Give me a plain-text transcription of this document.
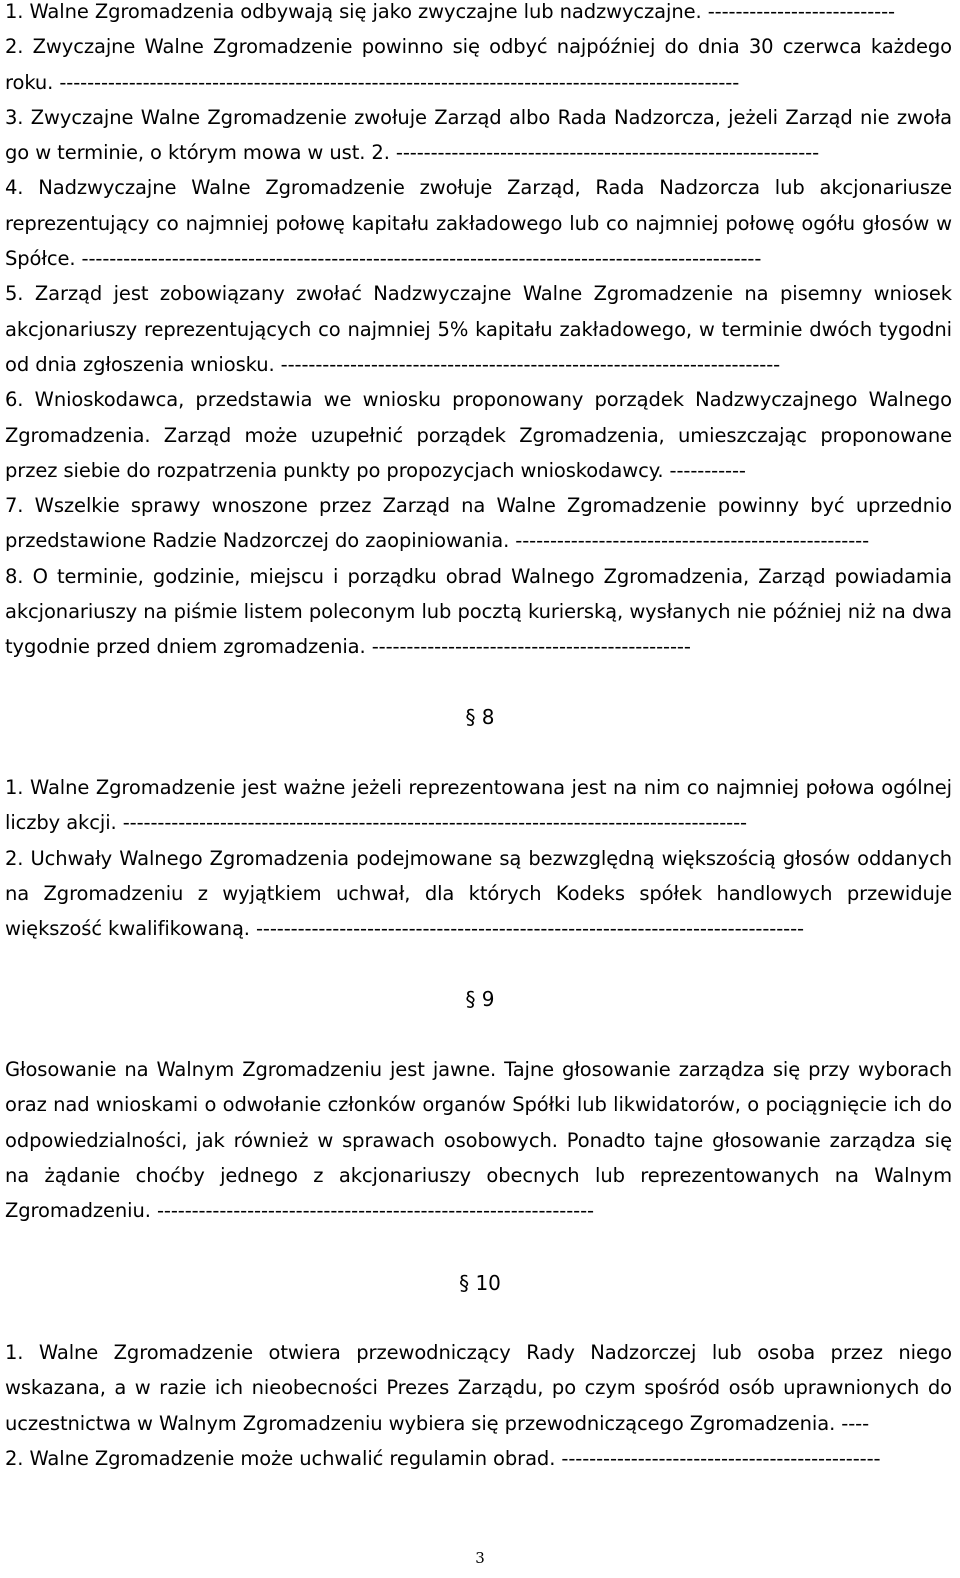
1. Walne Zgromadzenia odbywają się jako zwyczajne lub nadzwyczajne. ---------------------------

2. Zwyczajne Walne Zgromadzenie powinno się odbyć najpóźniej do dnia 30 czerwca każdego roku. --------------------------------------------------------------------------------------------------

3. Zwyczajne Walne Zgromadzenie zwołuje Zarząd albo Rada Nadzorcza, jeżeli Zarząd nie zwoła go w terminie, o którym mowa w ust. 2. -------------------------------------------------------------

4. Nadzwyczajne Walne Zgromadzenie zwołuje Zarząd, Rada Nadzorcza lub akcjonariusze reprezentujący co najmniej połowę kapitału zakładowego lub co najmniej połowę ogółu głosów w Spółce. --------------------------------------------------------------------------------------------------

5. Zarząd jest zobowiązany zwołać Nadzwyczajne Walne Zgromadzenie na pisemny wniosek akcjonariuszy reprezentujących co najmniej 5% kapitału zakładowego, w terminie dwóch tygodni od dnia zgłoszenia wniosku. ------------------------------------------------------------------------

6. Wnioskodawca, przedstawia we wniosku proponowany porządek Nadzwyczajnego Walnego Zgromadzenia. Zarząd może uzupełnić porządek Zgromadzenia, umieszczając proponowane przez siebie do rozpatrzenia punkty po propozycjach wnioskodawcy. -----------

7. Wszelkie sprawy wnoszone przez Zarząd na Walne Zgromadzenie powinny być uprzednio przedstawione Radzie Nadzorczej do zaopiniowania. ---------------------------------------------------

8. O terminie, godzinie, miejscu i porządku obrad Walnego Zgromadzenia, Zarząd powiadamia akcjonariuszy na piśmie listem poleconym lub pocztą kurierską, wysłanych nie później niż na dwa tygodnie przed dniem zgromadzenia. ----------------------------------------------

§ 8

1. Walne Zgromadzenie jest ważne jeżeli reprezentowana jest na nim co najmniej połowa ogólnej liczby akcji. ------------------------------------------------------------------------------------------

2. Uchwały Walnego Zgromadzenia podejmowane są bezwzględną większością głosów oddanych na Zgromadzeniu z wyjątkiem uchwał, dla których Kodeks spółek handlowych przewiduje większość kwalifikowaną. -------------------------------------------------------------------------------

§ 9

Głosowanie na Walnym Zgromadzeniu jest jawne. Tajne głosowanie zarządza się przy wyborach oraz nad wnioskami o odwołanie członków organów Spółki lub likwidatorów, o pociągnięcie ich do odpowiedzialności, jak również w sprawach osobowych. Ponadto tajne głosowanie zarządza się na żądanie choćby jednego z akcjonariuszy obecnych lub reprezentowanych na Walnym Zgromadzeniu. ---------------------------------------------------------------

§ 10

1. Walne Zgromadzenie otwiera przewodniczący Rady Nadzorczej lub osoba przez niego wskazana, a w razie ich nieobecności Prezes Zarządu, po czym spośród osób uprawnionych do uczestnictwa w Walnym Zgromadzeniu wybiera się przewodniczącego Zgromadzenia. ----

2. Walne Zgromadzenie może uchwalić regulamin obrad. ----------------------------------------------

3
